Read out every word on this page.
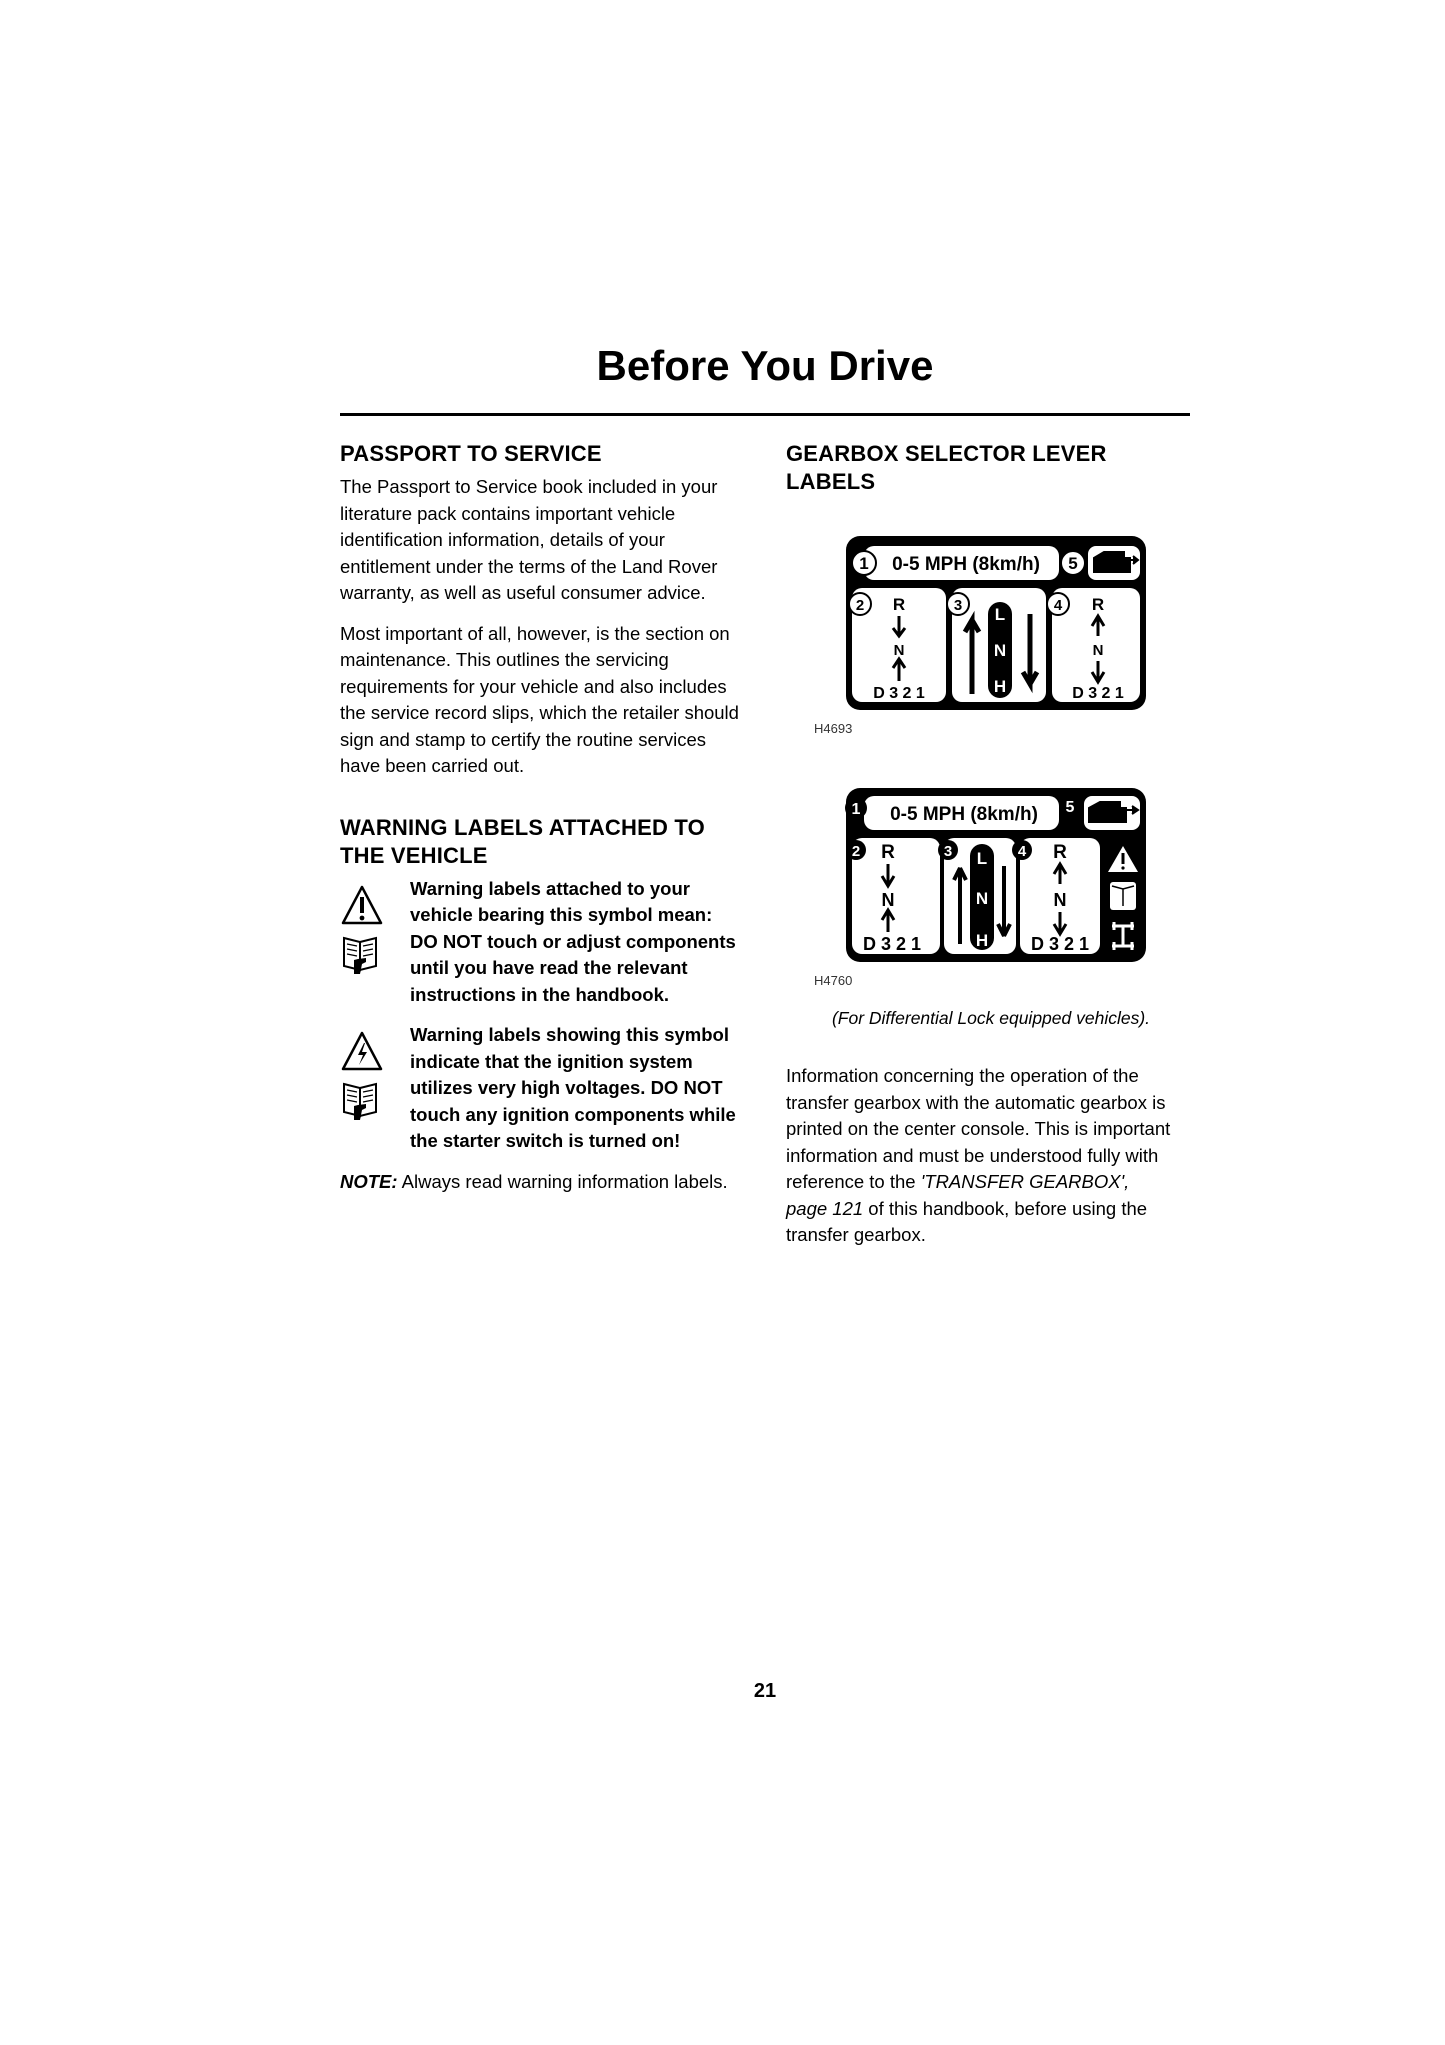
Before You Drive
PASSPORT TO SERVICE

The Passport to Service book included in your literature pack contains important vehicle identification information, details of your entitlement under the terms of the Land Rover warranty, as well as useful consumer advice.

Most important of all, however, is the section on maintenance. This outlines the servicing requirements for your vehicle and also includes the service record slips, which the retailer should sign and stamp to certify the routine services have been carried out.

WARNING LABELS ATTACHED TO THE VEHICLE
Warning labels attached to your vehicle bearing this symbol mean: DO NOT touch or adjust components until you have read the relevant instructions in the handbook.
Warning labels showing this symbol indicate that the ignition system utilizes very high voltages. DO NOT touch any ignition components while the starter switch is turned on!

NOTE: Always read warning information labels.

GEARBOX SELECTOR LEVER LABELS
1 0-5 MPH (8km/h) 5
2 R
N
D 3 2 1
3 L
N
H
4 R
N
D 3 2 1
H4693
1 0-5 MPH (8km/h) 5
2 R
N
D 3 2 1
3 L
N
H
4 R
N
D 3 2 1
H4760
(For Differential Lock equipped vehicles).

Information concerning the operation of the transfer gearbox with the automatic gearbox is printed on the center console. This is important information and must be understood fully with reference to the 'TRANSFER GEARBOX',
page 121 of this handbook, before using the transfer gearbox.

21
